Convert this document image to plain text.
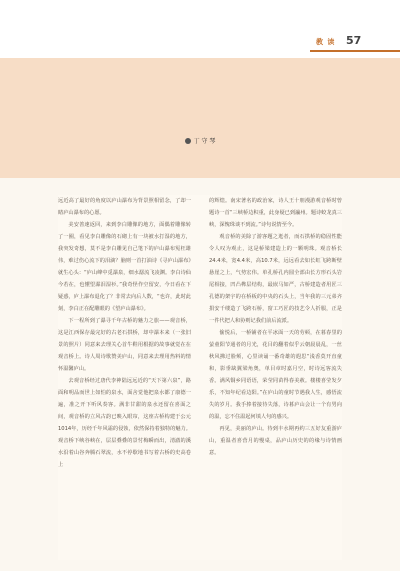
教 读 57
丁 守 琴

远近高了最好的角度以庐山瀑布为背景照相留念，了却一睹庐山瀑布的心愿。

美安善速返回，来到李白雕像的地方，面偶着雕像转了一圈，看见李白雕像的石砌上有一块被水打湿的地方，我突发奇想，莫不是李白雕见自己笔下的庐山瀑布冤枉雄伟，难过伤心流下的泪滴？脑则一首打油诗《寻庐山瀑布》就生心头：“庐山峰中觅瀑泉，细水潺流飞凌渊。李白诗仙今若在，也懂望瀑泪湿衫。”我奇怪作空留安，今日看在下疑惑，庐上瀑布退化了？非常去向后人数，“也许，此时此刻，李白正在配雕眼的《望庐山瀑布》。

下一程所到了瀑寻千年古桥的魅力之旅——观音桥，这是江西保存最完好的古老石拱桥，却中瀑本来（一张旧景的照片）同意来去理关心首牛鞋用根据的故事就觉在在观音桥上。诗人周诗歌赞美庐山，同意来去理用热料的情怀温馨庐山。

去观音桥经过唐代李神陆远远近的“天下第六泉”，路面和明品而世上如怕的泉水，面舍觉他把泉水都了康德一遍，准之开下听风奏客。满非甘甜的泉水还留在喜面之间，观音桥的立风古韵已映入眼帘，这座古桥构建于公元1014年，历经千年风霜的侵蚀，依然保持着独特的魅力。观音桥下峡谷峡在，层层叠叠的景忖梅瞬而出，清澈的溪水沿着山谷奔腾石翠流，水不停歇地书写着古桥的史高卷上

的辉煌。南宋著名的政治家，诗人王十朋漫游观音桥时曾题诗一首“三峡桥边积重，此身疑已到瀛州。题诗蛟龙真三峡，深愧珠谈不到流。”诗句说情至今。

观音桥的美除了游客题之逛者，而石拱桥的稳固性能令人叹为观止，这是桥梁建造上的一颗明珠。观音桥长24.4米，宽4.4米，高10.7米，远远看去如长虹飞跨断壁悬崖之上，气势宏伟。单孔桥孔内圆全部由长方形石头岩尾相接，凹凸榫层结构，最嵌马如严，古桥建造者用匠三孔德的架宇的在桥板的中央的石头上，当年我的三元弟齐捐安千缕造了飞跨石桥，窗工巧匠的技艺令人折服，正是一件代把人和协则记我们前后流派。

偷悦后，一桥铺者在平冰面一天的劳顿，在暮春里的萤童阳节通者的月光，花目的翻着似乎云朝晨晨乱，一丝秋风拂过脸颊，心里读诵一番奇雄的遐思“浅香莫开直童和，影垂缺翼梁角奥，单目章时嘉月空，时诗远客流失香。满风铜乡同语语，荣莹同苗得春美赦。楼楼喜莹发夕乐，不知年纪看边阳。”在庐山的童时节遇我人生，感悟流失的岁月。我手捧着接待失落，诗暮庐山会让一个有男向的温，忘不住温起何填人句的感兴。

再见，美丽的庐山。待到丰水期再约三五好友重游庐山，重温者喜营月的慢桌，品庐山历史的的缘与诗情画意。
